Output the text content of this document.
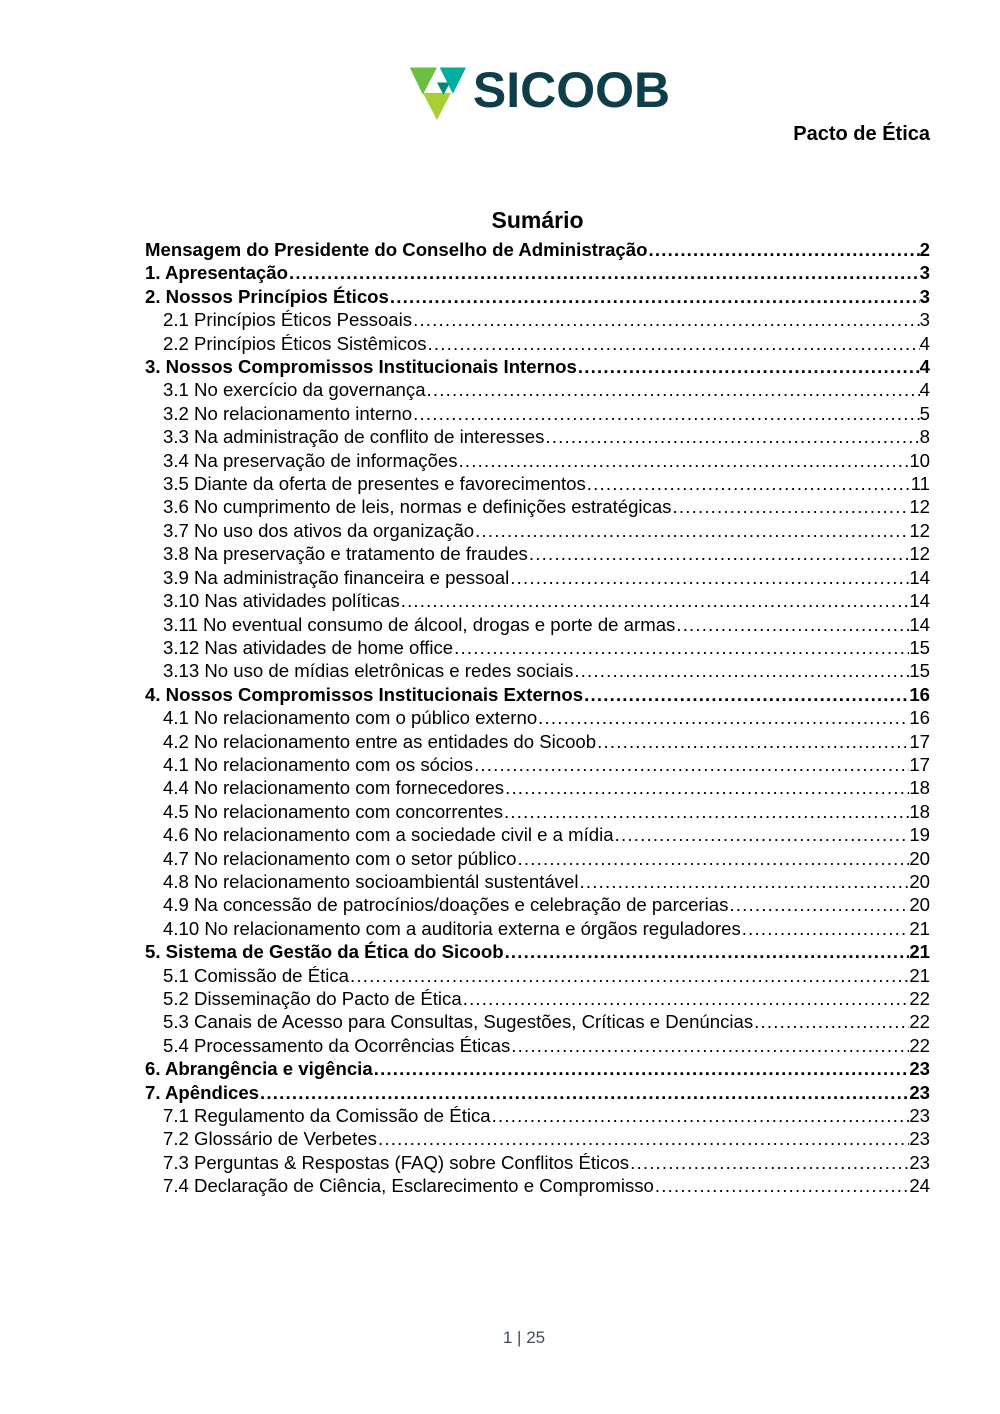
SICOOB
Pacto de Ética
Sumário
Mensagem do Presidente do Conselho de Administração .....	2
1. Apresentação .....	3
2. Nossos Princípios Éticos .....	3
2.1 Princípios Éticos Pessoais .....	3
2.2 Princípios Éticos Sistêmicos .....	4
3. Nossos Compromissos Institucionais Internos .....	4
3.1 No exercício da governança .....	4
3.2 No relacionamento interno .....	5
3.3 Na administração de conflito de interesses .....	8
3.4 Na preservação de informações .....	10
3.5 Diante da oferta de presentes e favorecimentos .....	11
3.6 No cumprimento de leis, normas e definições estratégicas .....	12
3.7 No uso dos ativos da organização .....	12
3.8 Na preservação e tratamento de fraudes .....	12
3.9 Na administração financeira e pessoal .....	14
3.10 Nas atividades políticas .....	14
3.11 No eventual consumo de álcool, drogas e porte de armas .....	14
3.12 Nas atividades de home office .....	15
3.13 No uso de mídias eletrônicas e redes sociais .....	15
4. Nossos Compromissos Institucionais Externos .....	16
4.1 No relacionamento com o público externo .....	16
4.2 No relacionamento entre as entidades do Sicoob .....	17
4.1 No relacionamento com os sócios .....	17
4.4 No relacionamento com fornecedores .....	18
4.5 No relacionamento com concorrentes .....	18
4.6 No relacionamento com a sociedade civil e a mídia .....	19
4.7 No relacionamento com o setor público .....	20
4.8 No relacionamento socioambientál sustentável .....	20
4.9 Na concessão de patrocínios/doações e celebração de parcerias .....	20
4.10 No relacionamento com a auditoria externa e órgãos reguladores .....	21
5. Sistema de Gestão da Ética do Sicoob .....	21
5.1 Comissão de Ética .....	21
5.2 Disseminação do Pacto de Ética .....	22
5.3 Canais de Acesso para Consultas, Sugestões, Críticas e Denúncias .....	22
5.4 Processamento da Ocorrências Éticas .....	22
6. Abrangência e vigência .....	23
7. Apêndices .....	23
7.1 Regulamento da Comissão de Ética .....	23
7.2 Glossário de Verbetes .....	23
7.3 Perguntas & Respostas (FAQ) sobre Conflitos Éticos .....	23
7.4 Declaração de Ciência, Esclarecimento e Compromisso .....	24
1 | 25
